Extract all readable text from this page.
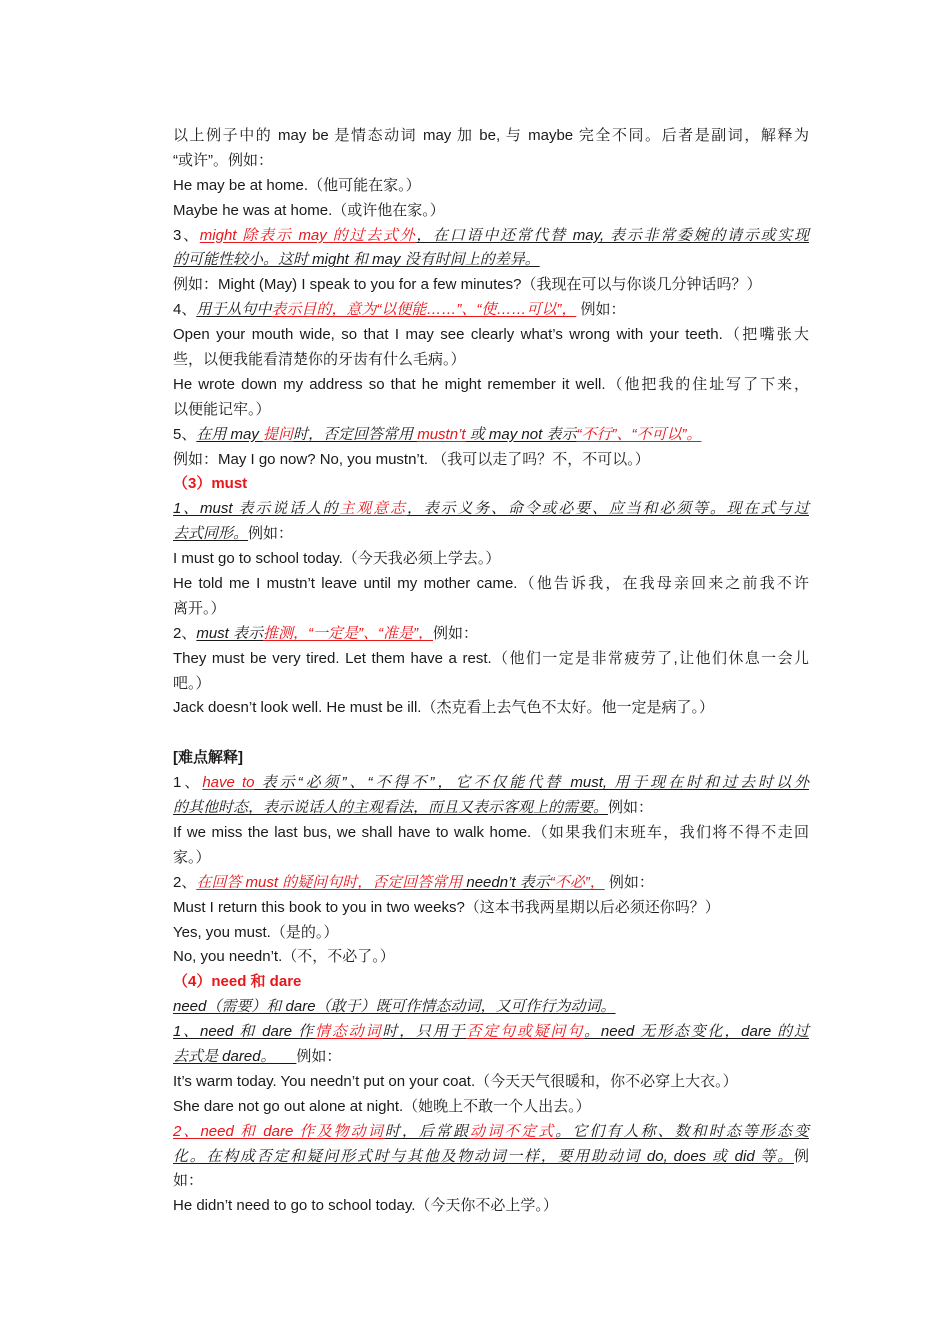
以上例子中的 may be 是情态动词 may 加 be, 与 maybe 完全不同。后者是副词，解释为
“或许”。例如：
He may be at home.（他可能在家。）
Maybe he was at home.（或许他在家。）
3、might 除表示 may 的过去式外，在口语中还常代替 may, 表示非常委婉的请示或实现
的可能性较小。这时 might 和 may 没有时间上的差异。
例如：Might (May) I speak to you for a few minutes?（我现在可以与你谈几分钟话吗？）
4、用于从句中表示目的，意为“以便能……”、“使……可以”， 例如：
Open your mouth wide, so that I may see clearly what’s wrong with your teeth.（把嘴张大
些，以便我能看清楚你的牙齿有什么毛病。）
He wrote down my address so that he might remember it well.（他把我的住址写了下来，
以便能记牢。）
5、在用 may 提问时，否定回答常用 mustn’t 或 may not 表示“不行”、“不可以”。
例如：May I go now? No, you mustn’t. （我可以走了吗？不，不可以。）
（3）must
1、must 表示说话人的主观意志，表示义务、命令或必要、应当和必须等。现在式与过
去式同形。例如：
I must go to school today.（今天我必须上学去。）
He told me I mustn’t leave until my mother came.（他告诉我，在我母亲回来之前我不许
离开。）
2、must 表示推测，“一定是”、“准是”，例如：
They must be very tired. Let them have a rest.（他们一定是非常疲劳了,让他们休息一会儿
吧。）
Jack doesn’t look well. He must be ill.（杰克看上去气色不太好。他一定是病了。）
[难点解释]
1、have to 表示“必须”、“不得不”，它不仅能代替 must, 用于现在时和过去时以外
的其他时态，表示说话人的主观看法，而且又表示客观上的需要。例如：
If we miss the last bus, we shall have to walk home.（如果我们末班车，我们将不得不走回
家。）
2、在回答 must 的疑问句时，否定回答常用 needn’t 表示“不必”， 例如：
Must I return this book to you in two weeks?（这本书我两星期以后必须还你吗？）
Yes, you must.（是的。）
No, you needn’t.（不，不必了。）
（4）need 和 dare
need（需要）和 dare（敢于）既可作情态动词，又可作行为动词。
1、need 和 dare 作情态动词时，只用于否定句或疑问句。need 无形态变化，dare 的过
去式是 dared。 例如：
It’s warm today. You needn’t put on your coat.（今天天气很暖和，你不必穿上大衣。）
She dare not go out alone at night.（她晚上不敢一个人出去。）
2、need 和 dare 作及物动词时，后常跟动词不定式。它们有人称、数和时态等形态变
化。在构成否定和疑问形式时与其他及物动词一样，要用助动词 do, does 或 did 等。例
如：
He didn’t need to go to school today.（今天你不必上学。）
